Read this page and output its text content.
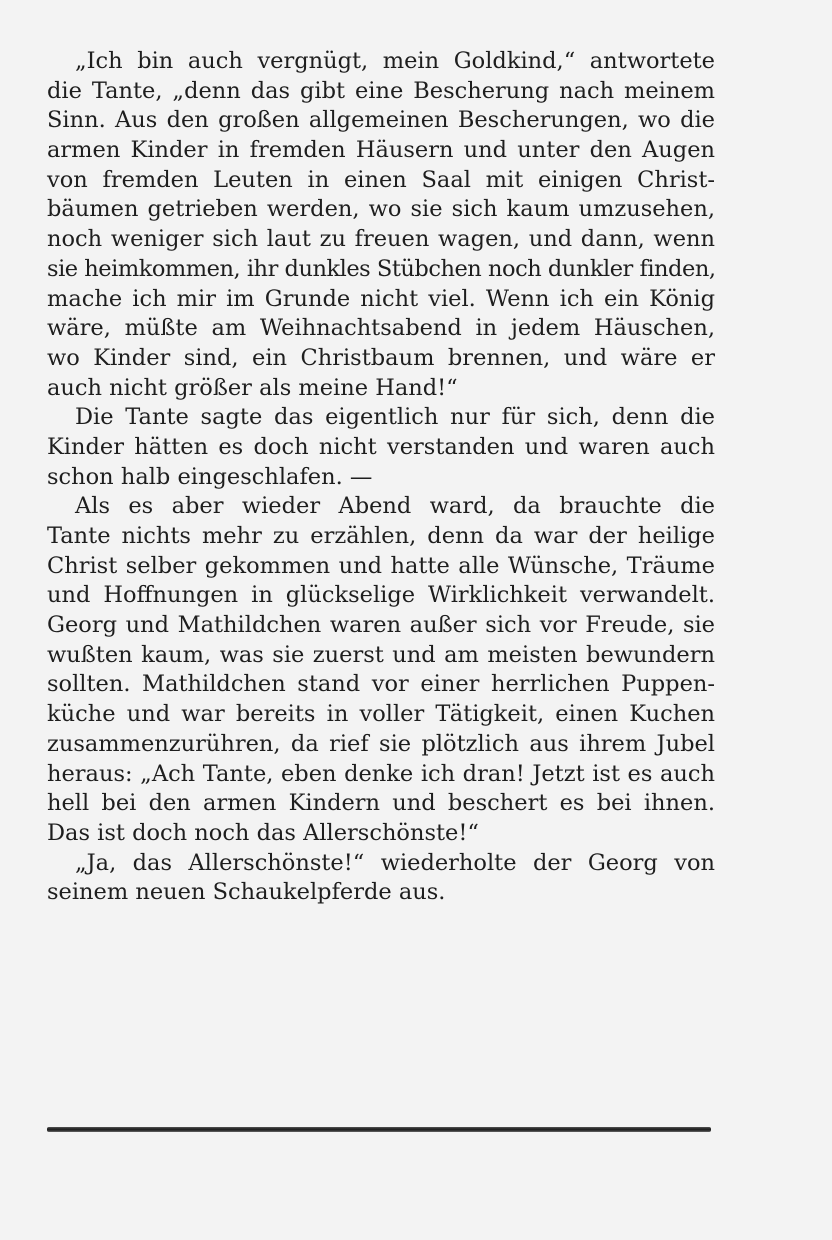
„Ich bin auch vergnügt, mein Goldkind,“ antwortete
die Tante, „denn das gibt eine Bescherung nach meinem
Sinn. Aus den großen allgemeinen Bescherungen, wo die
armen Kinder in fremden Häusern und unter den Augen
von fremden Leuten in einen Saal mit einigen Christ-
bäumen getrieben werden, wo sie sich kaum umzusehen,
noch weniger sich laut zu freuen wagen, und dann, wenn
sie heimkommen, ihr dunkles Stübchen noch dunkler finden,
mache ich mir im Grunde nicht viel. Wenn ich ein König
wäre, müßte am Weihnachtsabend in jedem Häuschen,
wo Kinder sind, ein Christbaum brennen, und wäre er
auch nicht größer als meine Hand!“
Die Tante sagte das eigentlich nur für sich, denn die
Kinder hätten es doch nicht verstanden und waren auch
schon halb eingeschlafen. —
Als es aber wieder Abend ward, da brauchte die
Tante nichts mehr zu erzählen, denn da war der heilige
Christ selber gekommen und hatte alle Wünsche, Träume
und Hoffnungen in glückselige Wirklichkeit verwandelt.
Georg und Mathildchen waren außer sich vor Freude, sie
wußten kaum, was sie zuerst und am meisten bewundern
sollten. Mathildchen stand vor einer herrlichen Puppen-
küche und war bereits in voller Tätigkeit, einen Kuchen
zusammenzurühren, da rief sie plötzlich aus ihrem Jubel
heraus: „Ach Tante, eben denke ich dran! Jetzt ist es auch
hell bei den armen Kindern und beschert es bei ihnen.
Das ist doch noch das Allerschönste!“
„Ja, das Allerschönste!“ wiederholte der Georg von
seinem neuen Schaukelpferde aus.
